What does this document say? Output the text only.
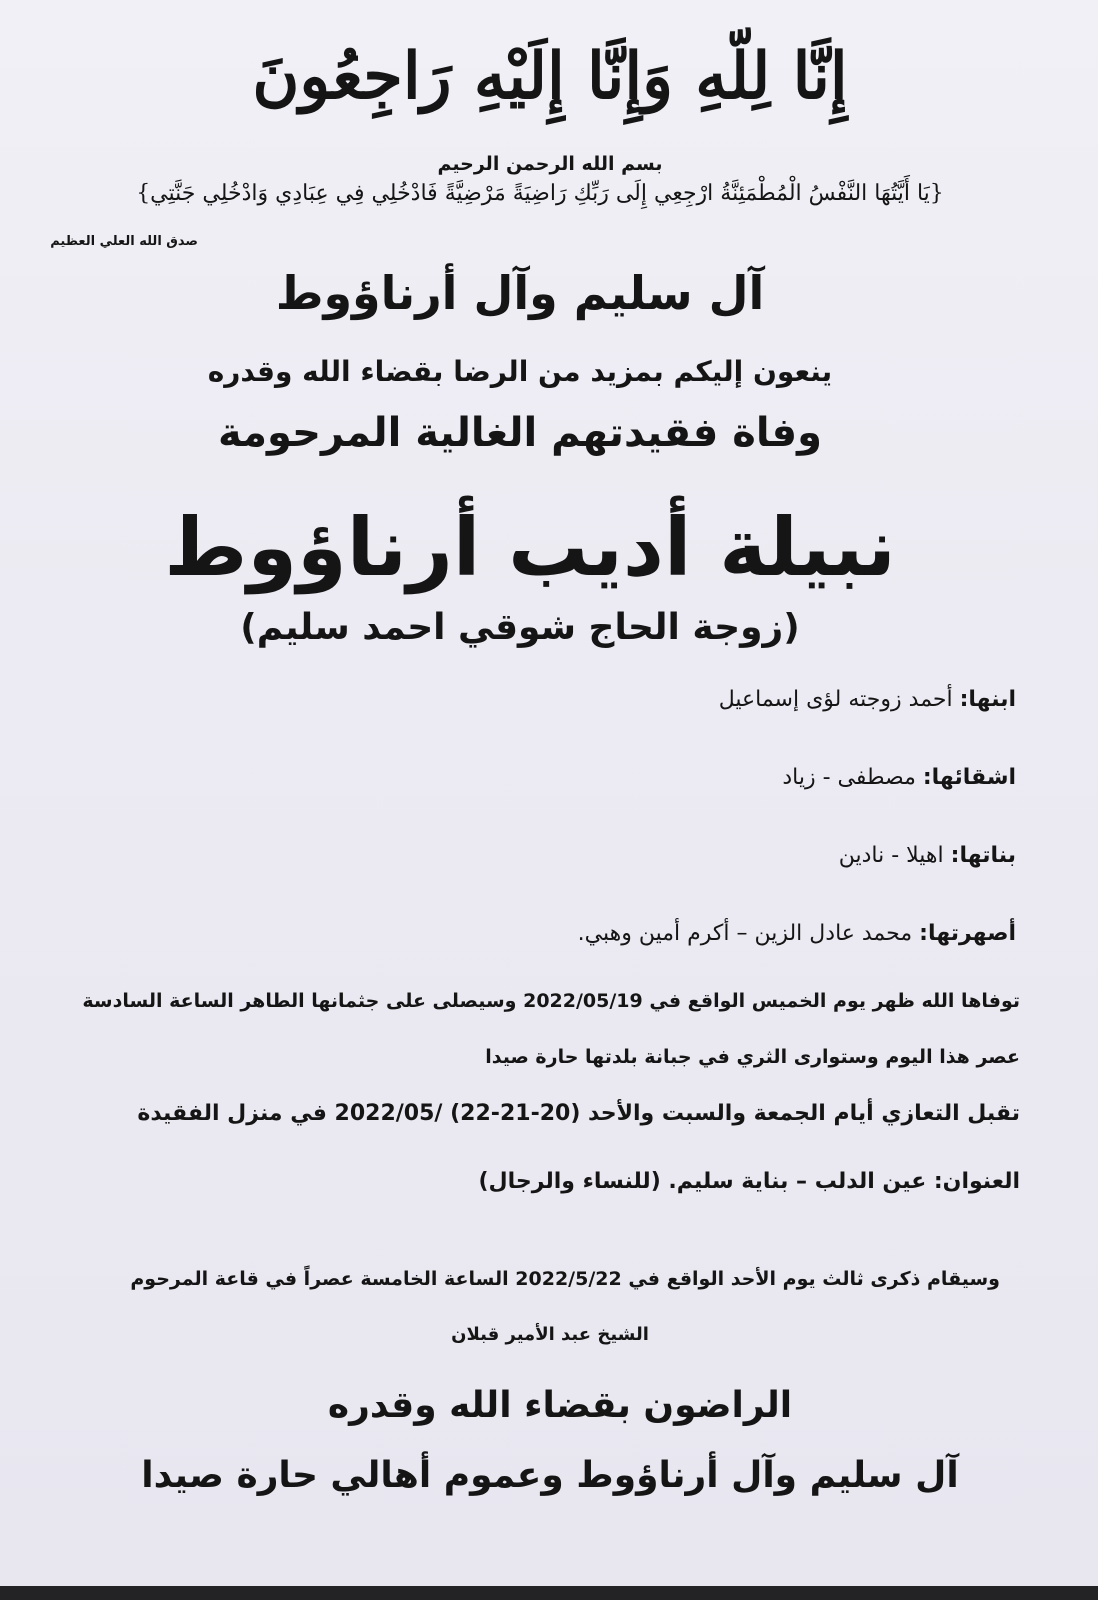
إِنَّا لِلّهِ وَإِنَّا إِلَيْهِ رَاجِعُونَ
بسم الله الرحمن الرحيم
{يَا أَيَّتُهَا النَّفْسُ الْمُطْمَئِنَّةُ ارْجِعِي إِلَى رَبِّكِ رَاضِيَةً مَرْضِيَّةً فَادْخُلِي فِي عِبَادِي وَادْخُلِي جَنَّتِي}
صدق الله العلي العظيم
آل سليم وآل أرناؤوط
ينعون إليكم بمزيد من الرضا بقضاء الله وقدره
وفاة فقيدتهم الغالية المرحومة
نبيلة أديب أرناؤوط
(زوجة الحاج شوقي احمد سليم)
ابنها: أحمد زوجته لؤى إسماعيل
اشقائها: مصطفى - زياد
بناتها: اهيلا - نادين
أصهرتها: محمد عادل الزين – أكرم أمين وهبي.
توفاها الله ظهر يوم الخميس الواقع في 2022/05/19 وسيصلى على جثمانها الطاهر الساعة السادسة
عصر هذا اليوم وستوارى الثري في جبانة بلدتها حارة صيدا
تقبل التعازي أيام الجمعة والسبت والأحد (20-21-22) /2022/05 في منزل الفقيدة
العنوان: عين الدلب – بناية سليم. (للنساء والرجال)
وسيقام ذكرى ثالث يوم الأحد الواقع في 2022/5/22 الساعة الخامسة عصراً في قاعة المرحوم
الشيخ عبد الأمير قبلان
الراضون بقضاء الله وقدره
آل سليم وآل أرناؤوط وعموم أهالي حارة صيدا
